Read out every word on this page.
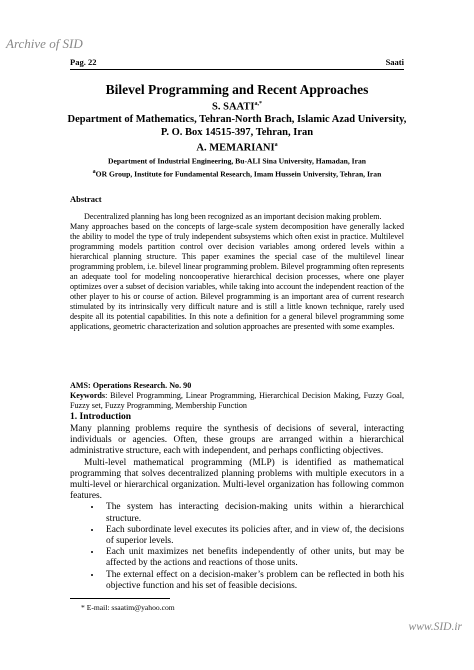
Archive of SID
Pag. 22	Saati
Bilevel Programming and Recent Approaches
S. $SAATI^{a,*}$
Department of Mathematics, Tehran-North Brach, Islamic Azad University,
P. O. Box 14515-397, Tehran, Iran
A. MEMARIANI$^a$
Department of Industrial Engineering, Bu-ALI Sina University, Hamadan, Iran
$^a$OR Group, Institute for Fundamental Research, Imam Hussein University, Tehran, Iran
Abstract

Decentralized planning has long been recognized as an important decision making problem.

Many approaches based on the concepts of large-scale system decomposition have generally lacked the ability to model the type of truly independent subsystems which often exist in practice. Multilevel programming models partition control over decision variables among ordered levels within a hierarchical planning structure. This paper examines the special case of the multilevel linear programming problem, i.e. bilevel linear programming problem. Bilevel programming often represents an adequate tool for modeling noncooperative hierarchical decision processes, where one player optimizes over a subset of decision variables, while taking into account the independent reaction of the other player to his or course of action. Bilevel programming is an important area of current research stimulated by its intrinsically very difficult nature and is still a little known technique, rarely used despite all its potential capabilities. In this note a definition for a general bilevel programming some applications, geometric characterization and solution approaches are presented with some examples.

AMS: Operations Research. No. 90

Keywords: Bilevel Programming, Linear Programming, Hierarchical Decision Making, Fuzzy Goal, Fuzzy set, Fuzzy Programming, Membership Function

1. Introduction

Many planning problems require the synthesis of decisions of several, interacting individuals or agencies. Often, these groups are arranged within a hierarchical administrative structure, each with independent, and perhaps conflicting objectives.

Multi-level mathematical programming (MLP) is identified as mathematical programming that solves decentralized planning problems with multiple executors in a multi-level or hierarchical organization. Multi-level organization has following common features.

• The system has interacting decision-making units within a hierarchical structure.
• Each subordinate level executes its policies after, and in view of, the decisions of superior levels.
• Each unit maximizes net benefits independently of other units, but may be affected by the actions and reactions of those units.
• The external effect on a decision-maker’s problem can be reflected in both his objective function and his set of feasible decisions.
* E-mail: ssaatim@yahoo.com
www.SID.ir
